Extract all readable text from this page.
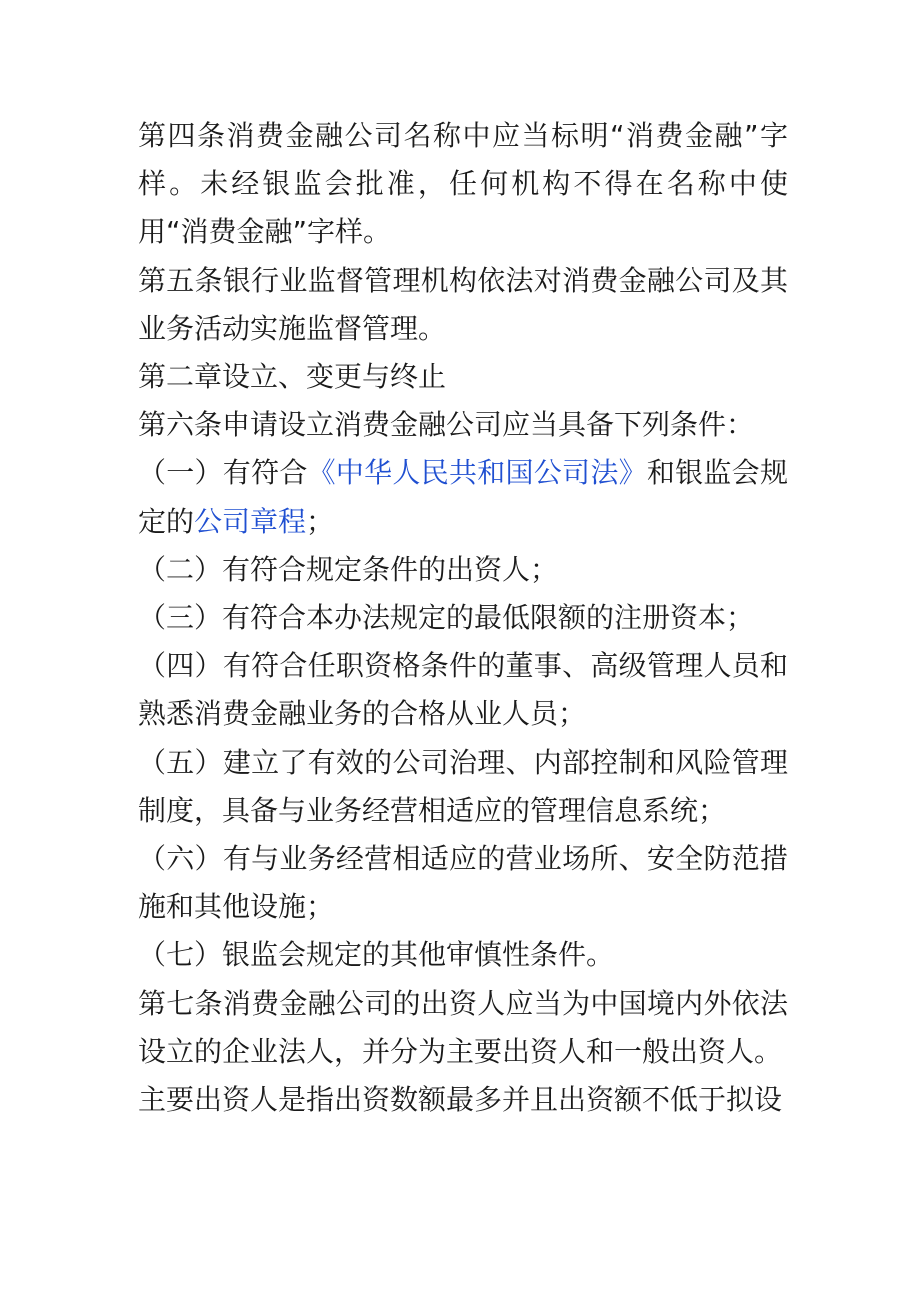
第四条消费金融公司名称中应当标明“消费金融”字样。未经银监会批准，任何机构不得在名称中使用“消费金融”字样。

第五条银行业监督管理机构依法对消费金融公司及其业务活动实施监督管理。

第二章设立、变更与终止

第六条申请设立消费金融公司应当具备下列条件：

（一）有符合《中华人民共和国公司法》和银监会规定的公司章程；

（二）有符合规定条件的出资人；

（三）有符合本办法规定的最低限额的注册资本；

（四）有符合任职资格条件的董事、高级管理人员和熟悉消费金融业务的合格从业人员；

（五）建立了有效的公司治理、内部控制和风险管理制度，具备与业务经营相适应的管理信息系统；

（六）有与业务经营相适应的营业场所、安全防范措施和其他设施；

（七）银监会规定的其他审慎性条件。

第七条消费金融公司的出资人应当为中国境内外依法设立的企业法人，并分为主要出资人和一般出资人。

主要出资人是指出资数额最多并且出资额不低于拟设
